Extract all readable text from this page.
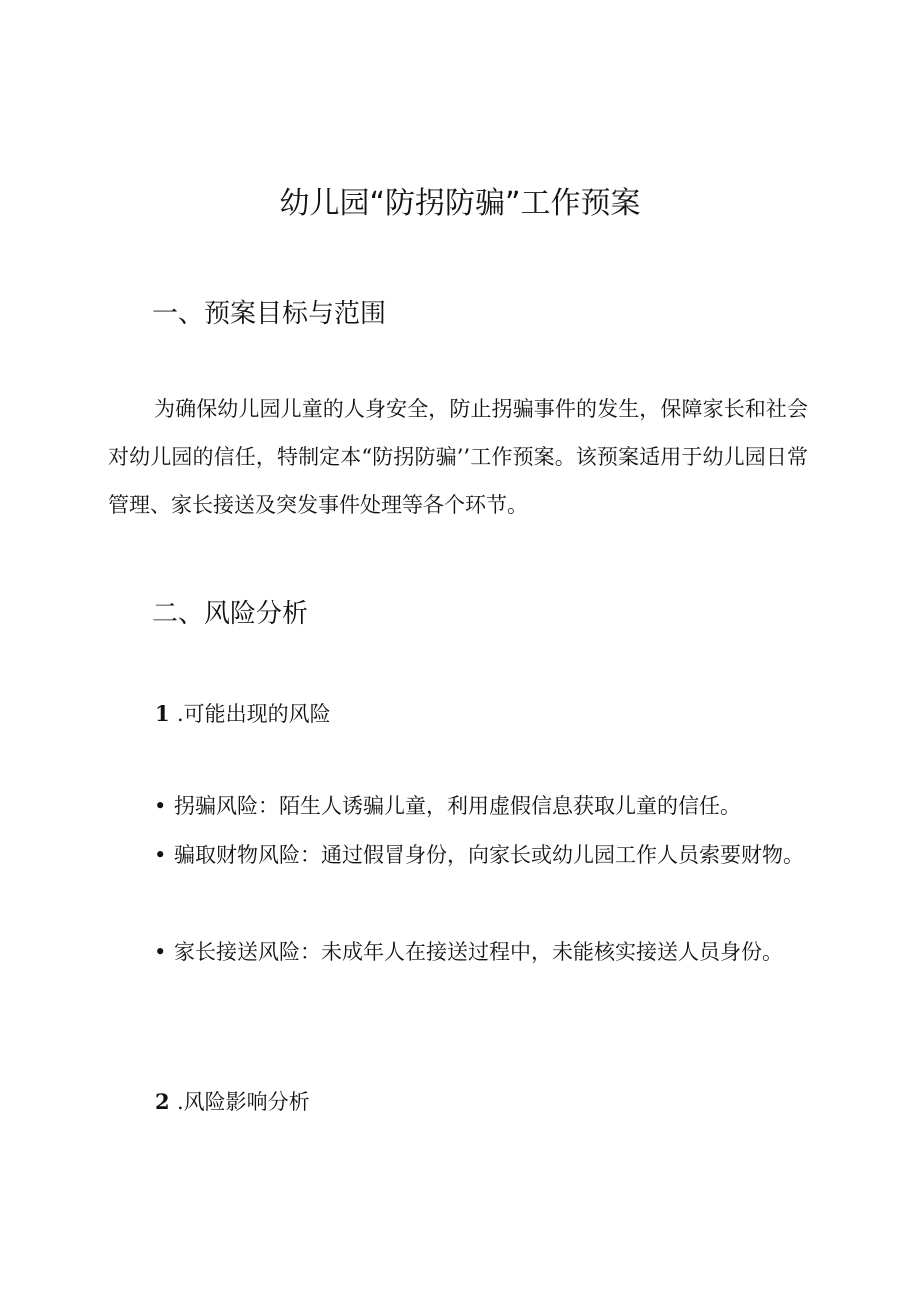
幼儿园“防拐防骗”工作预案
一、预案目标与范围

为确保幼儿园儿童的人身安全，防止拐骗事件的发生，保障家长和社会对幼儿园的信任，特制定本“防拐防骗’’工作预案。该预案适用于幼儿园日常管理、家长接送及突发事件处理等各个环节。

二、风险分析
1 .可能出现的风险

• 拐骗风险：陌生人诱骗儿童，利用虚假信息获取儿童的信任。

• 骗取财物风险：通过假冒身份，向家长或幼儿园工作人员索要财物。

• 家长接送风险：未成年人在接送过程中，未能核实接送人员身份。

2 .风险影响分析
